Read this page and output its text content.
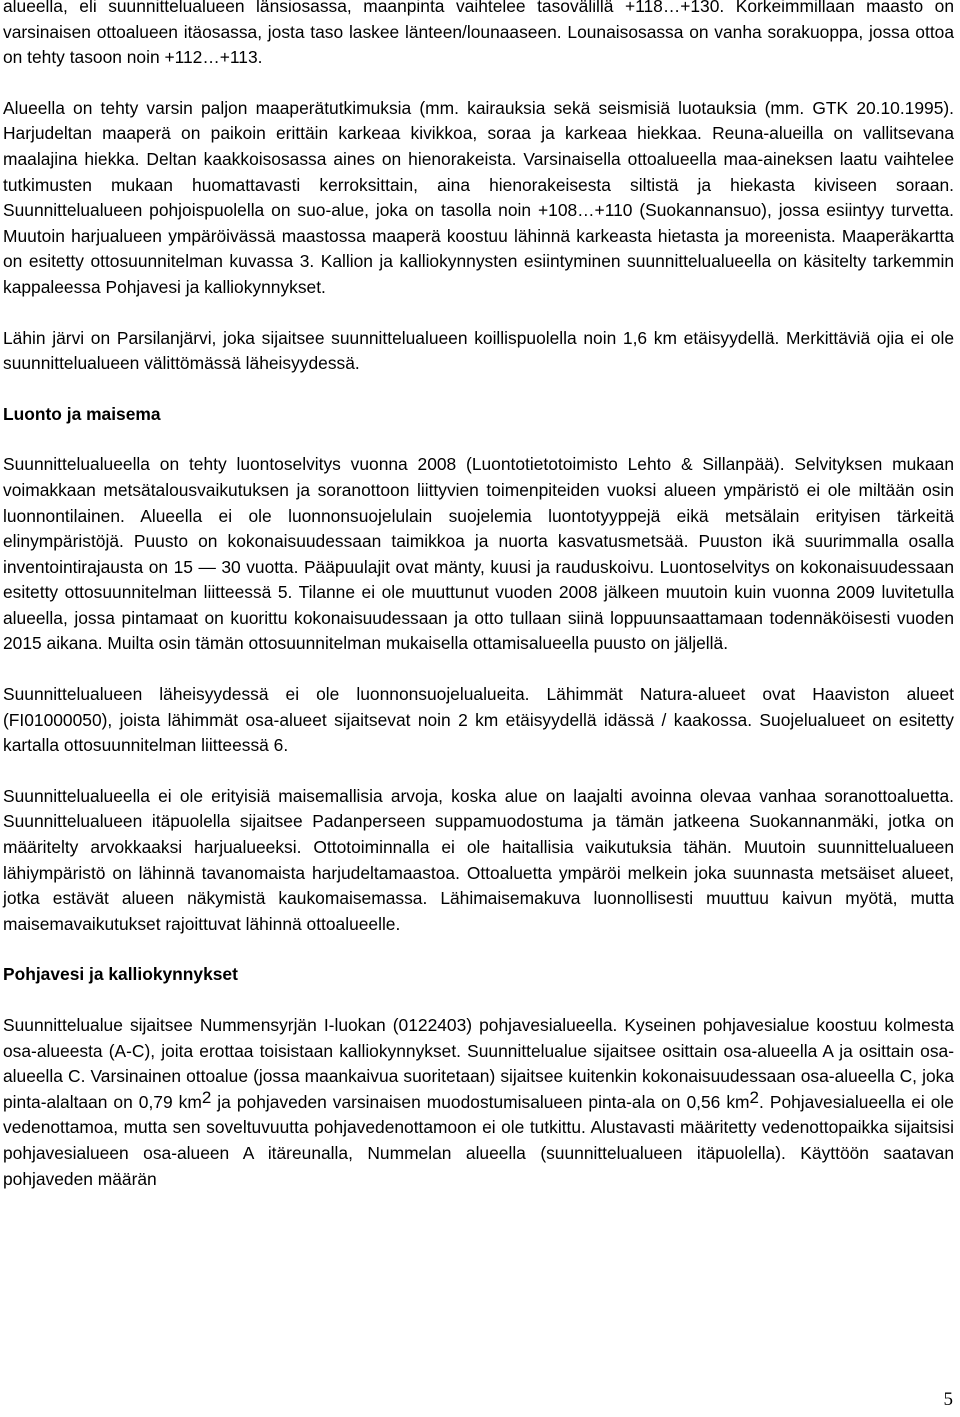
alueella, eli suunnittelualueen länsiosassa, maanpinta vaihtelee tasovälillä +118…+130. Korkeimmillaan maasto on varsinaisen ottoalueen itäosassa, josta taso laskee länteen/lounaaseen. Lounaisosassa on vanha sorakuoppa, jossa ottoa on tehty tasoon noin +112…+113.

Alueella on tehty varsin paljon maaperätutkimuksia (mm. kairauksia sekä seismisiä luotauksia (mm. GTK 20.10.1995). Harjudeltan maaperä on paikoin erittäin karkeaa kivikkoa, soraa ja karkeaa hiekkaa. Reuna-alueilla on vallitsevana maalajina hiekka. Deltan kaakkoisosassa aines on hienorakeista. Varsinaisella ottoalueella maa-aineksen laatu vaihtelee tutkimusten mukaan huomattavasti kerroksittain, aina hienorakeisesta siltistä ja hiekasta kiviseen soraan. Suunnittelualueen pohjoispuolella on suo-alue, joka on tasolla noin +108…+110 (Suokannansuo), jossa esiintyy turvetta. Muutoin harjualueen ympäröivässä maastossa maaperä koostuu lähinnä karkeasta hietasta ja moreenista. Maaperäkartta on esitetty ottosuunnitelman kuvassa 3. Kallion ja kalliokynnysten esiintyminen suunnittelualueella on käsitelty tarkemmin kappaleessa Pohjavesi ja kalliokynnykset.

Lähin järvi on Parsilanjärvi, joka sijaitsee suunnittelualueen koillispuolella noin 1,6 km etäisyydellä. Merkittäviä ojia ei ole suunnittelualueen välittömässä läheisyydessä.

Luonto ja maisema

Suunnittelualueella on tehty luontoselvitys vuonna 2008 (Luontotietotoimisto Lehto & Sillanpää). Selvityksen mukaan voimakkaan metsätalousvaikutuksen ja soranottoon liittyvien toimenpiteiden vuoksi alueen ympäristö ei ole miltään osin luonnontilainen. Alueella ei ole luonnonsuojelulain suojelemia luontotyyppejä eikä metsälain erityisen tärkeitä elinympäristöjä. Puusto on kokonaisuudessaan taimikkoa ja nuorta kasvatusmetsää. Puuston ikä suurimmalla osalla inventointirajausta on 15 — 30 vuotta. Pääpuulajit ovat mänty, kuusi ja rauduskoivu. Luontoselvitys on kokonaisuudessaan esitetty ottosuunnitelman liitteessä 5. Tilanne ei ole muuttunut vuoden 2008 jälkeen muutoin kuin vuonna 2009 luvitetulla alueella, jossa pintamaat on kuorittu kokonaisuudessaan ja otto tullaan siinä loppuunsaattamaan todennäköisesti vuoden 2015 aikana. Muilta osin tämän ottosuunnitelman mukaisella ottamisalueella puusto on jäljellä.

Suunnittelualueen läheisyydessä ei ole luonnonsuojelualueita. Lähimmät Natura-alueet ovat Haaviston alueet (FI01000050), joista lähimmät osa-alueet sijaitsevat noin 2 km etäisyydellä idässä / kaakossa. Suojelualueet on esitetty kartalla ottosuunnitelman liitteessä 6.

Suunnittelualueella ei ole erityisiä maisemallisia arvoja, koska alue on laajalti avoinna olevaa vanhaa soranottoaluetta. Suunnittelualueen itäpuolella sijaitsee Padanperseen suppamuodostuma ja tämän jatkeena Suokannanmäki, jotka on määritelty arvokkaaksi harjualueeksi. Ottotoiminnalla ei ole haitallisia vaikutuksia tähän. Muutoin suunnittelualueen lähiympäristö on lähinnä tavanomaista harjudeltamaastoa. Ottoaluetta ympäröi melkein joka suunnasta metsäiset alueet, jotka estävät alueen näkymistä kaukomaisemassa. Lähimaisemakuva luonnollisesti muuttuu kaivun myötä, mutta maisemavaikutukset rajoittuvat lähinnä ottoalueelle.

Pohjavesi ja kalliokynnykset

Suunnittelualue sijaitsee Nummensyrjän I-luokan (0122403) pohjavesialueella. Kyseinen pohjavesialue koostuu kolmesta osa-alueesta (A-C), joita erottaa toisistaan kalliokynnykset. Suunnittelualue sijaitsee osittain osa-alueella A ja osittain osa-alueella C. Varsinainen ottoalue (jossa maankaivua suoritetaan) sijaitsee kuitenkin kokonaisuudessaan osa-alueella C, joka pinta-alaltaan on 0,79 $km^2$ ja pohjaveden varsinaisen muodostumisalueen pinta-ala on 0,56 $km^2$. Pohjavesialueella ei ole vedenottamoa, mutta sen soveltuvuutta pohjavedenottamoon ei ole tutkittu. Alustavasti määritetty vedenottopaikka sijaitsisi pohjavesialueen osa-alueen A itäreunalla, Nummelan alueella (suunnittelualueen itäpuolella). Käyttöön saatavan pohjaveden määrän

5
